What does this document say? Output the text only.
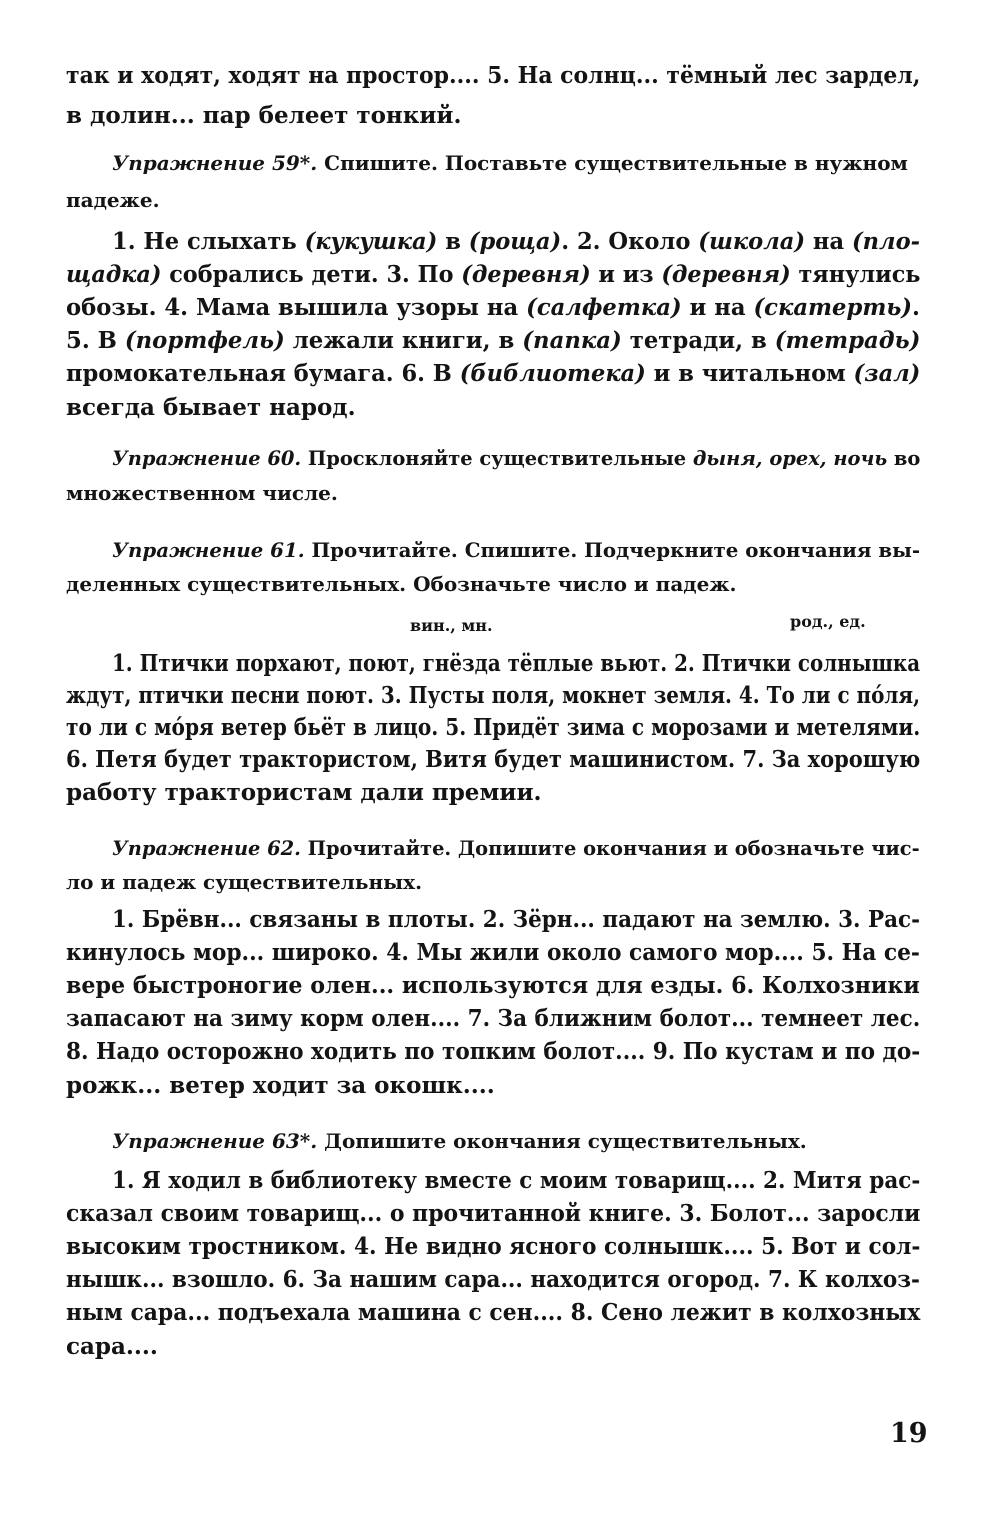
так и ходят, ходят на простор.... 5. На солнц... тёмный лес зардел,
в долин... пар белеет тонкий.
Упражнение 59*. Спишите. Поставьте существительные в нужном
падеже.
1. Не слыхать (кукушка) в (роща). 2. Около (школа) на (пло-
щадка) собрались дети. 3. По (деревня) и из (деревня) тянулись
обозы. 4. Мама вышила узоры на (салфетка) и на (скатерть).
5. В (портфель) лежали книги, в (папка) тетради, в (тетрадь)
промокательная бумага. 6. В (библиотека) и в читальном (зал)
всегда бывает народ.
Упражнение 60. Просклоняйте существительные дыня, орех, ночь во
множественном числе.
Упражнение 61. Прочитайте. Спишите. Подчеркните окончания вы-
деленных существительных. Обозначьте число и падеж.
вин., мн.	род., ед.
1. Птички порхают, поют, гнёзда тёплые вьют. 2. Птички солнышка
ждут, птички песни поют. 3. Пусты поля, мокнет земля. 4. То ли с пóля,
то ли с мóря ветер бьёт в лицо. 5. Придёт зима с морозами и метелями.
6. Петя будет трактористом, Витя будет машинистом. 7. За хорошую
работу трактористам дали премии.
Упражнение 62. Прочитайте. Допишите окончания и обозначьте чис-
ло и падеж существительных.
1. Брёвн... связаны в плоты. 2. Зёрн... падают на землю. 3. Рас-
кинулось мор... широко. 4. Мы жили около самого мор.... 5. На се-
вере быстроногие олен... используются для езды. 6. Колхозники
запасают на зиму корм олен.... 7. За ближним болот... темнеет лес.
8. Надо осторожно ходить по топким болот.... 9. По кустам и по до-
рожк... ветер ходит за окошк....
Упражнение 63*. Допишите окончания существительных.
1. Я ходил в библиотеку вместе с моим товарищ.... 2. Митя рас-
сказал своим товарищ... о прочитанной книге. 3. Болот... заросли
высоким тростником. 4. Не видно ясного солнышк.... 5. Вот и сол-
нышк... взошло. 6. За нашим сара... находится огород. 7. К колхоз-
ным сара... подъехала машина с сен.... 8. Сено лежит в колхозных
сара....
19
